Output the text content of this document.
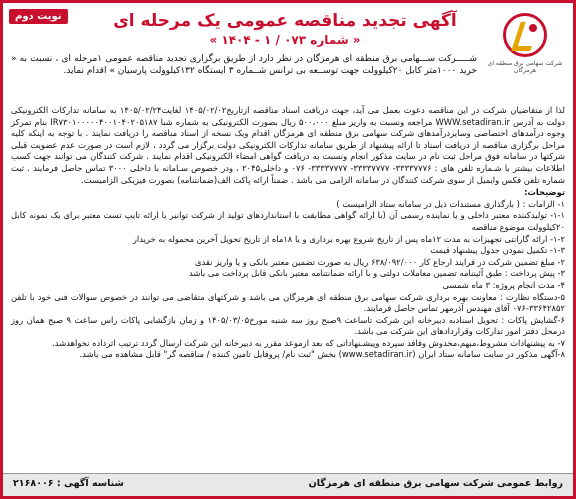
نوبت دوم
شرکت سهامی برق منطقه ای هرمزگان
آگهی تجدید مناقصه عمومی یک مرحله ای
« شماره ۰۷۳ / ۱ - ۱۴۰۴ »
شـــــرکت ســـهامی برق منطقه ای هرمزگان در نظر دارد از طریق برگزاری تجدید مناقصه عمومی ۱مرحله ای ، نسبت به « خرید ۱۰۰۰متر کابل ۲۰کیلوولت جهت توســعه بی ترانس شــماره ۳ ایستگاه ۱۳۲کیلوولت پارسیان » اقدام نماید.

لذا از متقاضیان شرکت در این مناقصه دعوت بعمل می آید، جهت دریافت اسناد مناقصه ازتاریخ۱۴۰۵/۰۲/۰۲ لغایت۱۴۰۵/۰۲/۲۴ به سامانه تدارکات الکترونیکی دولت به آدرس WWW.setadiran.ir مراجعه ونسبت به واریز مبلغ ۵۰۰،۰۰۰ ریال بصورت الکترونیکی به شماره شبا IR۷۳۰۱۰۰۰۰۰۴۰۰۱۰۴۰۲۰۵۱۸۷ بنام تمرکز وجوه درآمدهای اختصاصی وسایردرآمدهای شرکت سهامی برق منطقه ای هرمزگان اقدام ویک نسخه از اسناد مناقصه را دریافت نمایند . با توجه به اینکه کلیه مراحل برگزاری مناقصه از دریافت اسناد تا ارائه پیشنهاد از طریق سامانه تدارکات الکترونیکی دولت برگزار می گردد ، لازم است در صورت عدم عضویت قبلی شرکتها در سامانه فوق مراحل ثبت نام در سایت مذکور انجام ونسبت به دریافت گواهی امضاء الکترونیکی اقدام نمایند . شرکت کنندگان می توانند جهت کسب اطلاعات بیشتر با شـماره تلفن های : ۳۳۳۳۷۷۷۶- ۳۳۳۳۷۷۷۷- ۳۳۳۳۷۷۷۷- ۰۷۶ و داخلی۲۰۴۵ ، ودر خصوص سـامانه با داخلی ۳۰۰۰ تماس حاصل فرمایند . ثبت شماره تلفن فکس وایمیل از سوی شرکت کنندگان در سامانه الزامی می باشد . ضمناً ارائه پاکت الف(ضمانتنامه) بصورت فیزیکی الزامیست.

توضیحات:

۱- الزامات : ( بارگذاری مستندات ذیل در سامانه ستاد الزامیست )

۱-۱- تولیدکننده معتبر داخلی و یا نماینده رسمی آن (با ارائه گواهی مطابقت با استانداردهای تولید از شرکت توانیر یا ارائه تایپ تست معتبر برای یک نمونه کابل ۲۰کیلوولت موضوع مناقصه

۱-۲- ارائه گارانتی تجهیزات به مدت ۱۲ماه پس از تاریخ شروع بهره برداری و یا ۱۸ماه از تاریخ تحویل آخرین محموله به خریدار

۱-۳- تکمیل نمودن جدول پیشنهاد قیمت

۲- مبلغ تضمین شرکت در فرایند ارجاع کار ۶۳۸/۰۹۲/۰۰۰ ریال به صورت تضمین معتبر بانکی و یا واریز نقدی

۳- پیش پرداخت : طبق آئیننامه تضمین معاملات دولتی و با ارائه ضمانتنامه معتبر بانکی قابل پرداخت می باشد

۴- مدت انجام پروژه: ۳ ماه شمسی

۵-دستگاه نظارت : معاونت بهره برداری شرکت سهامی برق منطقه ای هرمزگان می باشد و شرکتهای متقاضی می توانند در خصوص سوالات فنی خود با تلفن ۳۳۶۴۲۸۵۲-۰۷۶ آقای مهندس آذرمهر تماس حاصل فرمایند.

۶-گشایش پاکات : تحویل اسنادبه دبیرخانه این شرکت تاساعت ۹صبح روز سه شنبه مورخ۱۴۰۵/۰۳/۰۵ و زمان بازگشایی پاکات راس ساعت ۹ صبح همان روز درمحل دفتر امور تدارکات وقراردادهای این شرکت می باشد.

۷- به پیشنهادات مشروط،مبهم،مخدوش وفاقد سپرده وپیشـنهاداتی که بعد ازموعد مقرر به دبیرخانه این شرکت ارسال گردد ترتیب اثرداده نخواهدشد.

۸-آگهی مذکور در سایت سامانه ستاد ایران (www.setadiran.ir) بخش "ثبت نام/ پروفایل تامین کننده / مناقصه گر" قابل مشاهده می باشد.

روابط عمومی شرکت سهامی برق منطقه ای هرمزگان
شناسه آگهی : ۲۱۶۸۰۰۶
